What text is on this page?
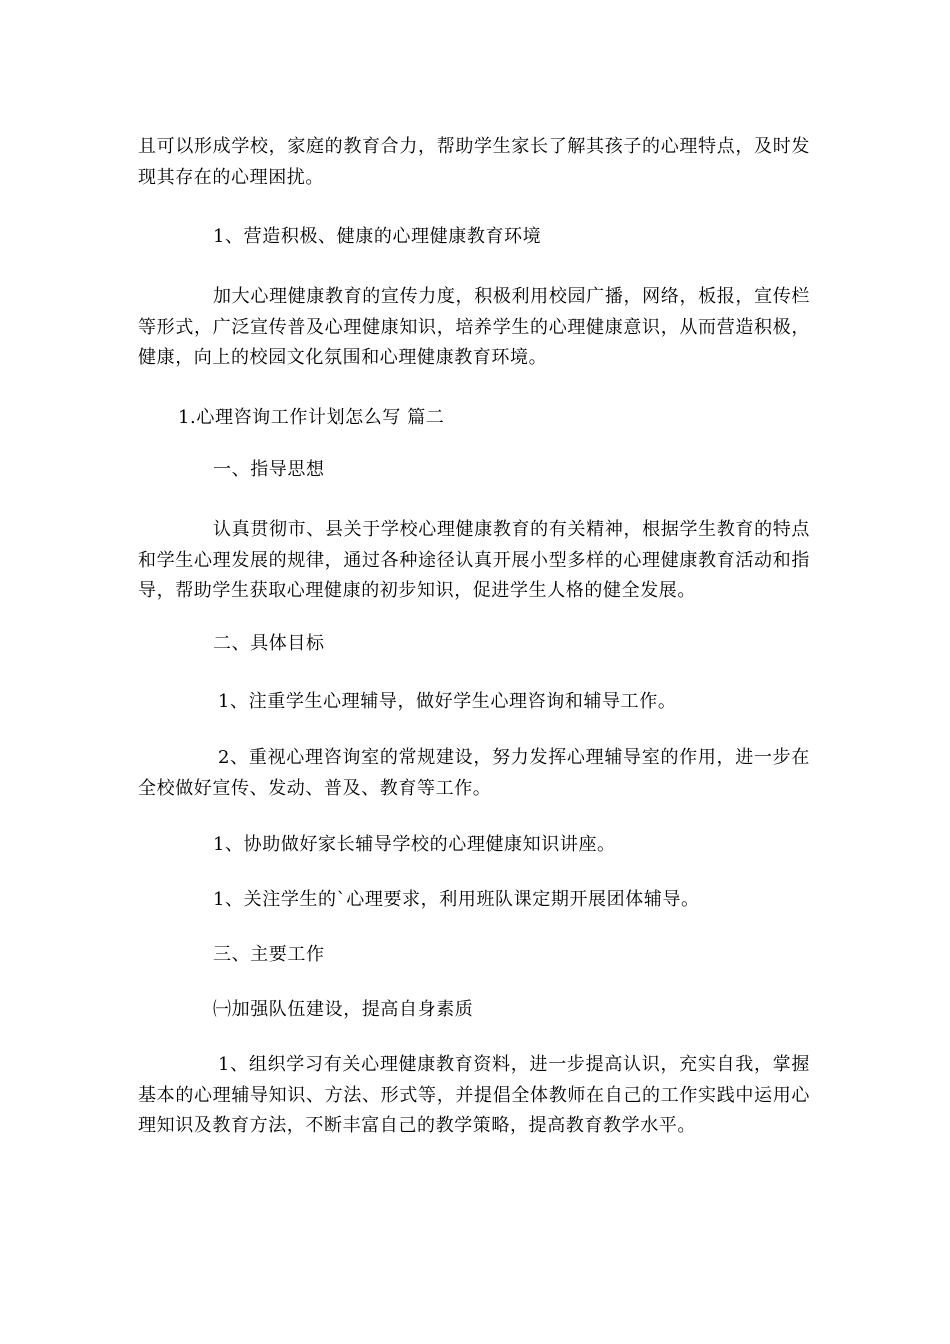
且可以形成学校，家庭的教育合力，帮助学生家长了解其孩子的心理特点，及时发现其存在的心理困扰。

1、营造积极、健康的心理健康教育环境

加大心理健康教育的宣传力度，积极利用校园广播，网络，板报，宣传栏等形式，广泛宣传普及心理健康知识，培养学生的心理健康意识，从而营造积极，健康，向上的校园文化氛围和心理健康教育环境。

1.心理咨询工作计划怎么写 篇二

一、指导思想

认真贯彻市、县关于学校心理健康教育的有关精神，根据学生教育的特点和学生心理发展的规律，通过各种途径认真开展小型多样的心理健康教育活动和指导，帮助学生获取心理健康的初步知识，促进学生人格的健全发展。

二、具体目标

1、注重学生心理辅导，做好学生心理咨询和辅导工作。

2、重视心理咨询室的常规建设，努力发挥心理辅导室的作用，进一步在全校做好宣传、发动、普及、教育等工作。

1、协助做好家长辅导学校的心理健康知识讲座。

1、关注学生的`心理要求，利用班队课定期开展团体辅导。

三、主要工作

㈠加强队伍建设，提高自身素质

1、组织学习有关心理健康教育资料，进一步提高认识，充实自我，掌握基本的心理辅导知识、方法、形式等，并提倡全体教师在自己的工作实践中运用心理知识及教育方法，不断丰富自己的教学策略，提高教育教学水平。
